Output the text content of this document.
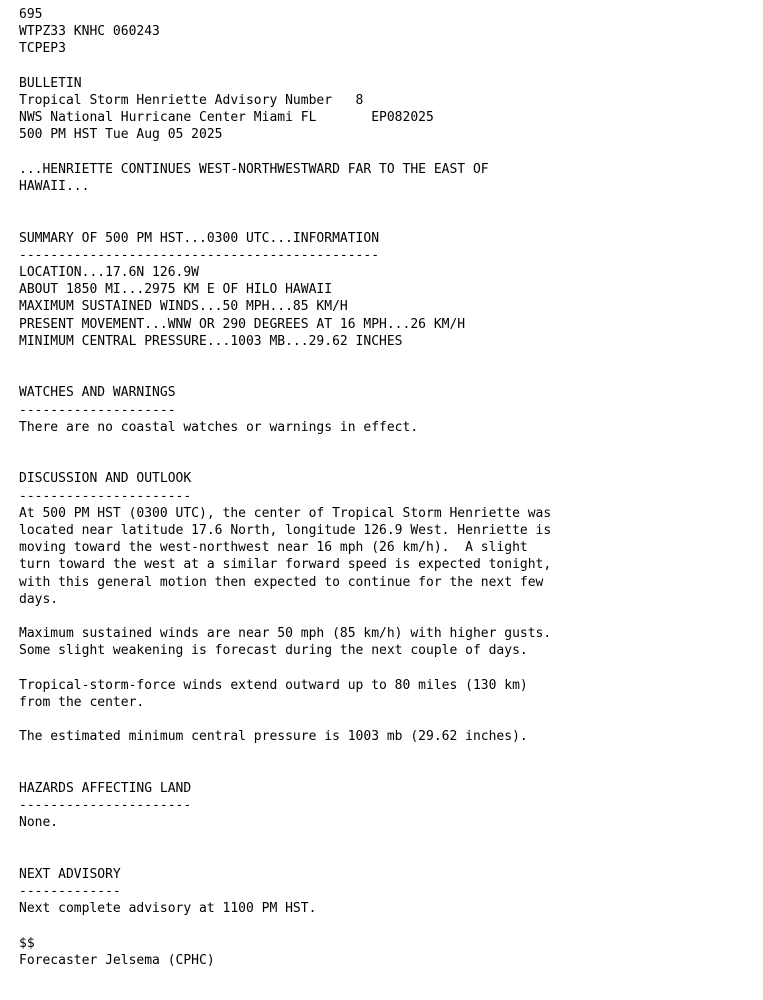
695
WTPZ33 KNHC 060243
TCPEP3
BULLETIN
Tropical Storm Henriette Advisory Number   8
NWS National Hurricane Center Miami FL       EP082025
500 PM HST Tue Aug 05 2025
...HENRIETTE CONTINUES WEST-NORTHWESTWARD FAR TO THE EAST OF
HAWAII...
SUMMARY OF 500 PM HST...0300 UTC...INFORMATION
----------------------------------------------
LOCATION...17.6N 126.9W
ABOUT 1850 MI...2975 KM E OF HILO HAWAII
MAXIMUM SUSTAINED WINDS...50 MPH...85 KM/H
PRESENT MOVEMENT...WNW OR 290 DEGREES AT 16 MPH...26 KM/H
MINIMUM CENTRAL PRESSURE...1003 MB...29.62 INCHES
WATCHES AND WARNINGS
--------------------
There are no coastal watches or warnings in effect.
DISCUSSION AND OUTLOOK
----------------------
At 500 PM HST (0300 UTC), the center of Tropical Storm Henriette was
located near latitude 17.6 North, longitude 126.9 West. Henriette is
moving toward the west-northwest near 16 mph (26 km/h).  A slight
turn toward the west at a similar forward speed is expected tonight,
with this general motion then expected to continue for the next few
days.
Maximum sustained winds are near 50 mph (85 km/h) with higher gusts.
Some slight weakening is forecast during the next couple of days.
Tropical-storm-force winds extend outward up to 80 miles (130 km)
from the center.
The estimated minimum central pressure is 1003 mb (29.62 inches).
HAZARDS AFFECTING LAND
----------------------
None.
NEXT ADVISORY
-------------
Next complete advisory at 1100 PM HST.
$$
Forecaster Jelsema (CPHC)
